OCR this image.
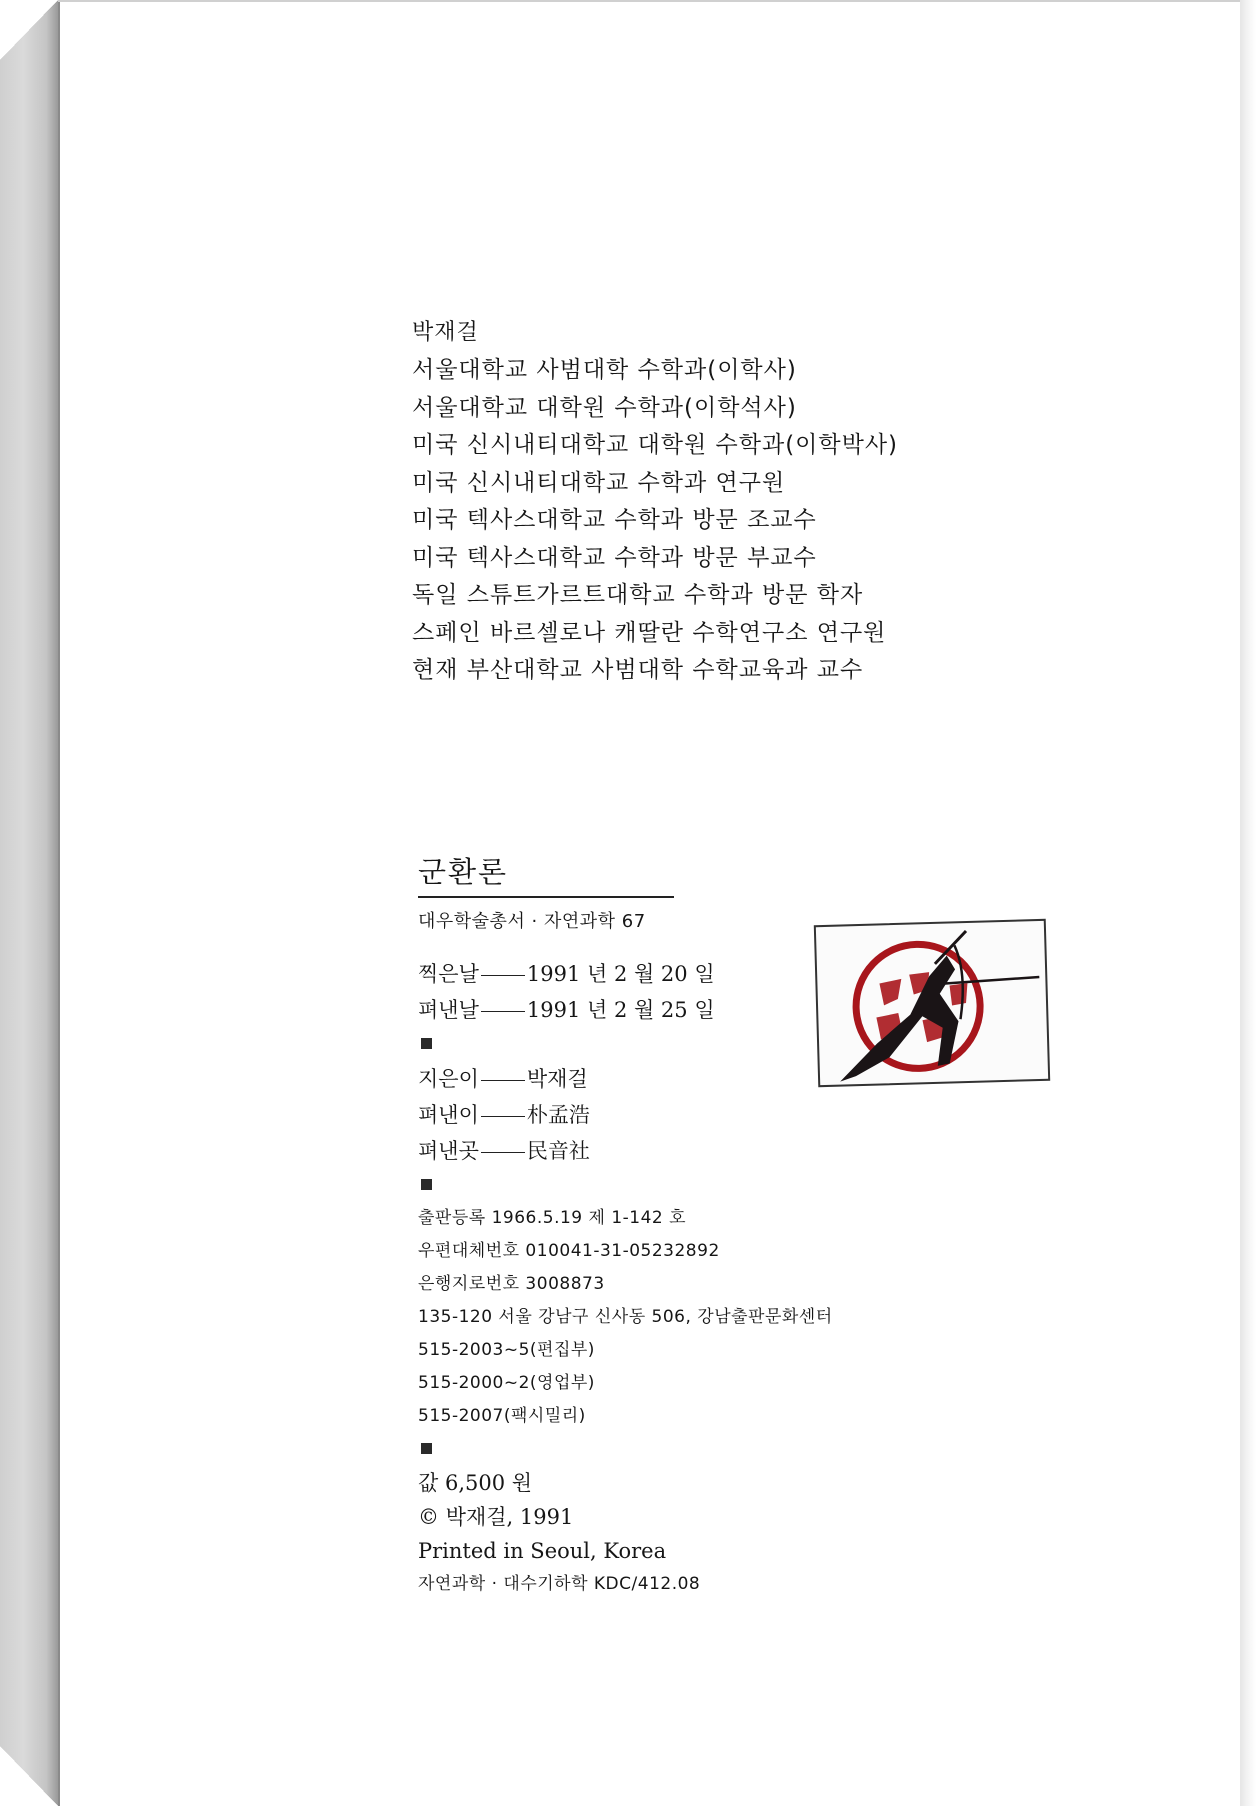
박재걸
서울대학교 사범대학 수학과(이학사)
서울대학교 대학원 수학과(이학석사)
미국 신시내티대학교 대학원 수학과(이학박사)
미국 신시내티대학교 수학과 연구원
미국 텍사스대학교 수학과 방문 조교수
미국 텍사스대학교 수학과 방문 부교수
독일 스튜트가르트대학교 수학과 방문 학자
스페인 바르셀로나 캐딸란 수학연구소 연구원
현재 부산대학교 사범대학 수학교육과 교수
군환론
대우학술총서 · 자연과학 67
찍은날 1991 년 2 월 20 일
펴낸날 1991 년 2 월 25 일
지은이 박재걸
펴낸이 朴孟浩
펴낸곳 民音社
출판등록 1966.5.19 제 1-142 호
우편대체번호 010041-31-05232892
은행지로번호 3008873
135-120 서울 강남구 신사동 506, 강남출판문화센터
515-2003~5(편집부)
515-2000~2(영업부)
515-2007(팩시밀리)
값 6,500 원
© 박재걸, 1991
Printed in Seoul, Korea
자연과학 · 대수기하학 KDC/412.08
